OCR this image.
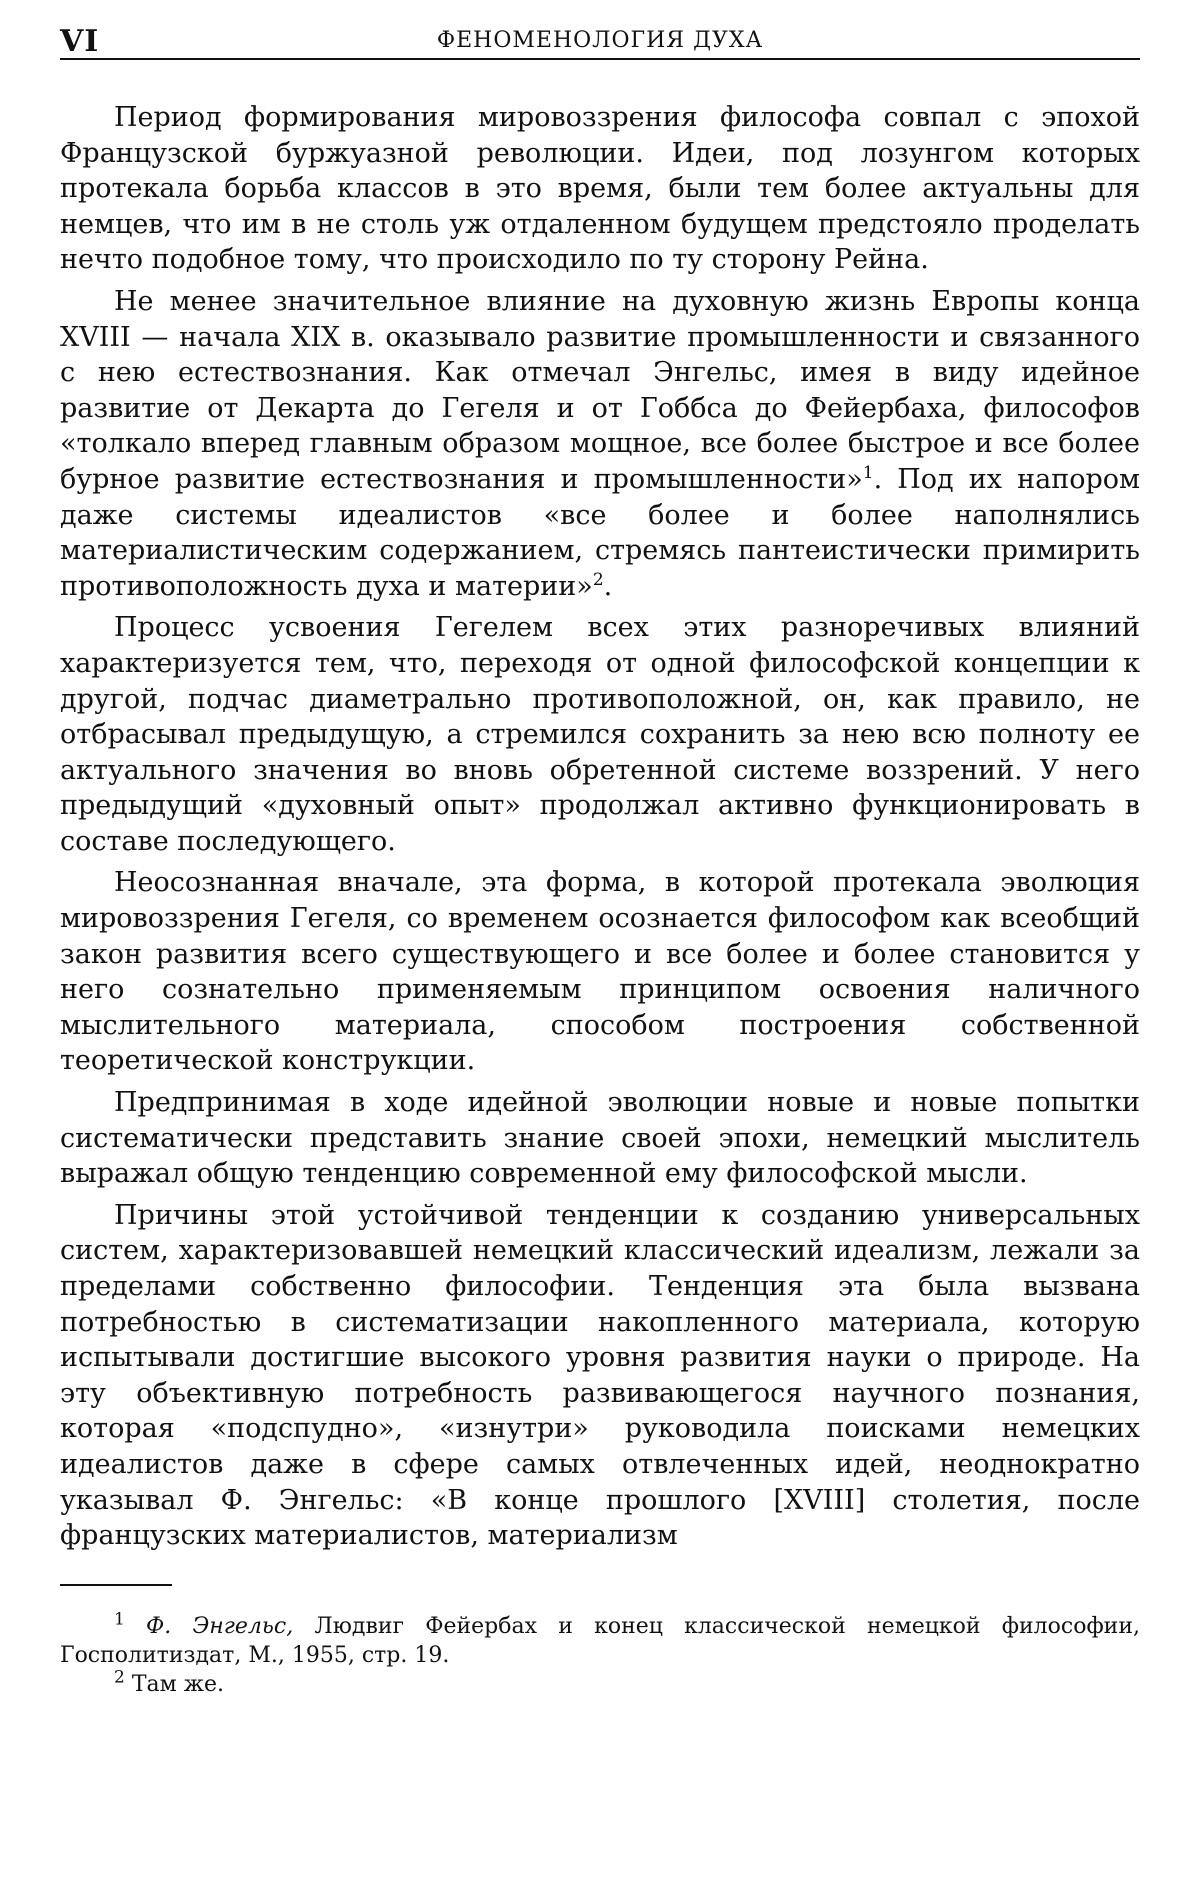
VI	ФЕНОМЕНОЛОГИЯ ДУХА

Период формирования мировоззрения философа совпал с эпохой Французской буржуазной революции. Идеи, под лозунгом которых протекала борьба классов в это время, были тем более актуальны для немцев, что им в не столь уж отдаленном будущем предстояло проделать нечто подобное тому, что происходило по ту сторону Рейна.

Не менее значительное влияние на духовную жизнь Европы конца XVIII — начала XIX в. оказывало развитие промышленности и связанного с нею естествознания. Как отмечал Энгельс, имея в виду идейное развитие от Декарта до Гегеля и от Гоббса до Фейербаха, философов «толкало вперед главным образом мощное, все более быстрое и все более бурное развитие естествознания и промышленности»$^1$. Под их напором даже системы идеалистов «все более и более наполнялись материалистическим содержанием, стремясь пантеистически примирить противоположность духа и материи»$^2$.

Процесс усвоения Гегелем всех этих разноречивых влияний характеризуется тем, что, переходя от одной философской концепции к другой, подчас диаметрально противоположной, он, как правило, не отбрасывал предыдущую, а стремился сохранить за нею всю полноту ее актуального значения во вновь обретенной системе воззрений. У него предыдущий «духовный опыт» продолжал активно функционировать в составе последующего.

Неосознанная вначале, эта форма, в которой протекала эволюция мировоззрения Гегеля, со временем осознается философом как всеобщий закон развития всего существующего и все более и более становится у него сознательно применяемым принципом освоения наличного мыслительного материала, способом построения собственной теоретической конструкции.

Предпринимая в ходе идейной эволюции новые и новые попытки систематически представить знание своей эпохи, немецкий мыслитель выражал общую тенденцию современной ему философской мысли.

Причины этой устойчивой тенденции к созданию универсальных систем, характеризовавшей немецкий классический идеализм, лежали за пределами собственно философии. Тенденция эта была вызвана потребностью в систематизации накопленного материала, которую испытывали достигшие высокого уровня развития науки о природе. На эту объективную потребность развивающегося научного познания, которая «подспудно», «изнутри» руководила поисками немецких идеалистов даже в сфере самых отвлеченных идей, неоднократно указывал Ф. Энгельс: «В конце прошлого [XVIII] столетия, после французских материалистов, материализм

$^1$ Ф. Энгельс, Людвиг Фейербах и конец классической немецкой философии, Госполитиздат, М., 1955, стр. 19.

$^2$ Там же.
